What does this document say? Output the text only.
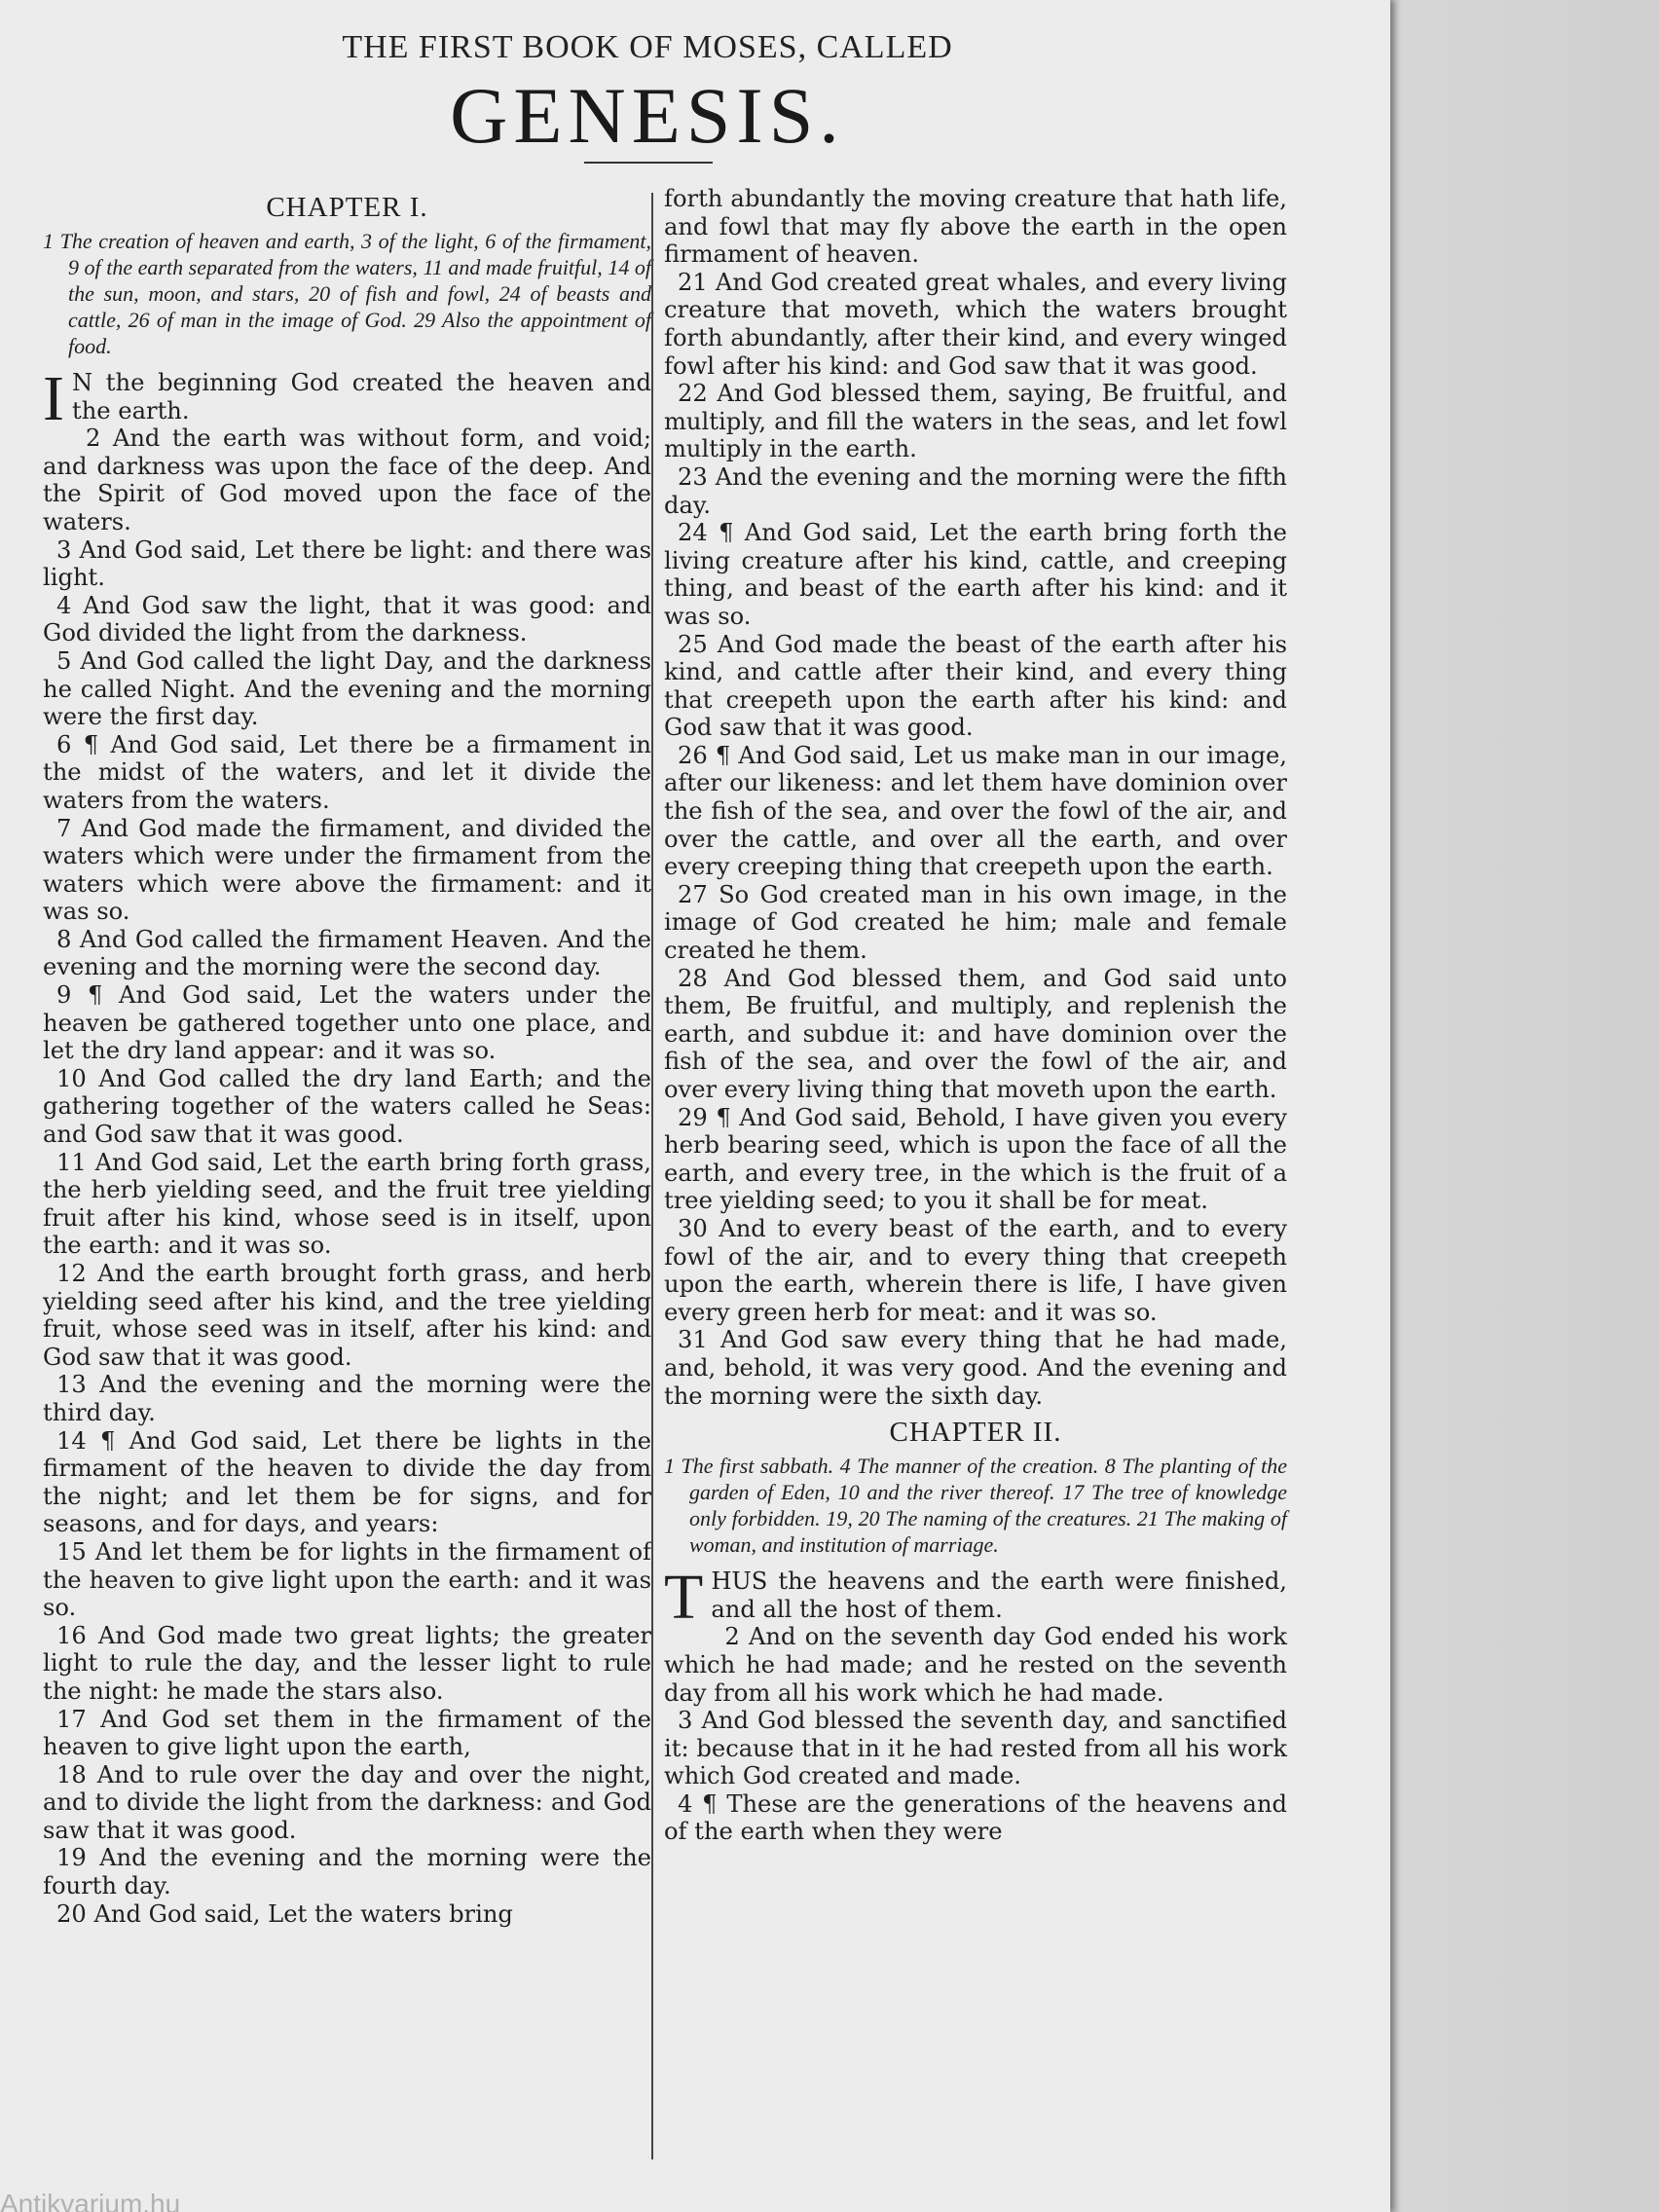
THE FIRST BOOK OF MOSES, CALLED
GENESIS.
CHAPTER I.

1 The creation of heaven and earth, 3 of the light, 6 of the firmament, 9 of the earth separated from the waters, 11 and made fruitful, 14 of the sun, moon, and stars, 20 of fish and fowl, 24 of beasts and cattle, 26 of man in the image of God. 29 Also the appointment of food.

I N the beginning God created the heaven and the earth.

2 And the earth was without form, and void; and darkness was upon the face of the deep. And the Spirit of God moved upon the face of the waters.

3 And God said, Let there be light: and there was light.

4 And God saw the light, that it was good: and God divided the light from the darkness.

5 And God called the light Day, and the darkness he called Night. And the evening and the morning were the first day.

6 ¶ And God said, Let there be a firmament in the midst of the waters, and let it divide the waters from the waters.

7 And God made the firmament, and divided the waters which were under the firmament from the waters which were above the firmament: and it was so.

8 And God called the firmament Heaven. And the evening and the morning were the second day.

9 ¶ And God said, Let the waters under the heaven be gathered together unto one place, and let the dry land appear: and it was so.

10 And God called the dry land Earth; and the gathering together of the waters called he Seas: and God saw that it was good.

11 And God said, Let the earth bring forth grass, the herb yielding seed, and the fruit tree yielding fruit after his kind, whose seed is in itself, upon the earth: and it was so.

12 And the earth brought forth grass, and herb yielding seed after his kind, and the tree yielding fruit, whose seed was in itself, after his kind: and God saw that it was good.

13 And the evening and the morning were the third day.

14 ¶ And God said, Let there be lights in the firmament of the heaven to divide the day from the night; and let them be for signs, and for seasons, and for days, and years:

15 And let them be for lights in the firmament of the heaven to give light upon the earth: and it was so.

16 And God made two great lights; the greater light to rule the day, and the lesser light to rule the night: he made the stars also.

17 And God set them in the firmament of the heaven to give light upon the earth,

18 And to rule over the day and over the night, and to divide the light from the darkness: and God saw that it was good.

19 And the evening and the morning were the fourth day.

20 And God said, Let the waters bring

forth abundantly the moving creature that hath life, and fowl that may fly above the earth in the open firmament of heaven.

21 And God created great whales, and every living creature that moveth, which the waters brought forth abundantly, after their kind, and every winged fowl after his kind: and God saw that it was good.

22 And God blessed them, saying, Be fruitful, and multiply, and fill the waters in the seas, and let fowl multiply in the earth.

23 And the evening and the morning were the fifth day.

24 ¶ And God said, Let the earth bring forth the living creature after his kind, cattle, and creeping thing, and beast of the earth after his kind: and it was so.

25 And God made the beast of the earth after his kind, and cattle after their kind, and every thing that creepeth upon the earth after his kind: and God saw that it was good.

26 ¶ And God said, Let us make man in our image, after our likeness: and let them have dominion over the fish of the sea, and over the fowl of the air, and over the cattle, and over all the earth, and over every creeping thing that creepeth upon the earth.

27 So God created man in his own image, in the image of God created he him; male and female created he them.

28 And God blessed them, and God said unto them, Be fruitful, and multiply, and replenish the earth, and subdue it: and have dominion over the fish of the sea, and over the fowl of the air, and over every living thing that moveth upon the earth.

29 ¶ And God said, Behold, I have given you every herb bearing seed, which is upon the face of all the earth, and every tree, in the which is the fruit of a tree yielding seed; to you it shall be for meat.

30 And to every beast of the earth, and to every fowl of the air, and to every thing that creepeth upon the earth, wherein there is life, I have given every green herb for meat: and it was so.

31 And God saw every thing that he had made, and, behold, it was very good. And the evening and the morning were the sixth day.

CHAPTER II.

1 The first sabbath. 4 The manner of the creation. 8 The planting of the garden of Eden, 10 and the river thereof. 17 The tree of knowledge only forbidden. 19, 20 The naming of the creatures. 21 The making of woman, and institution of marriage.

THUS the heavens and the earth were finished, and all the host of them.

2 And on the seventh day God ended his work which he had made; and he rested on the seventh day from all his work which he had made.

3 And God blessed the seventh day, and sanctified it: because that in it he had rested from all his work which God created and made.

4 ¶ These are the generations of the heavens and of the earth when they were

Antikvarium.hu
